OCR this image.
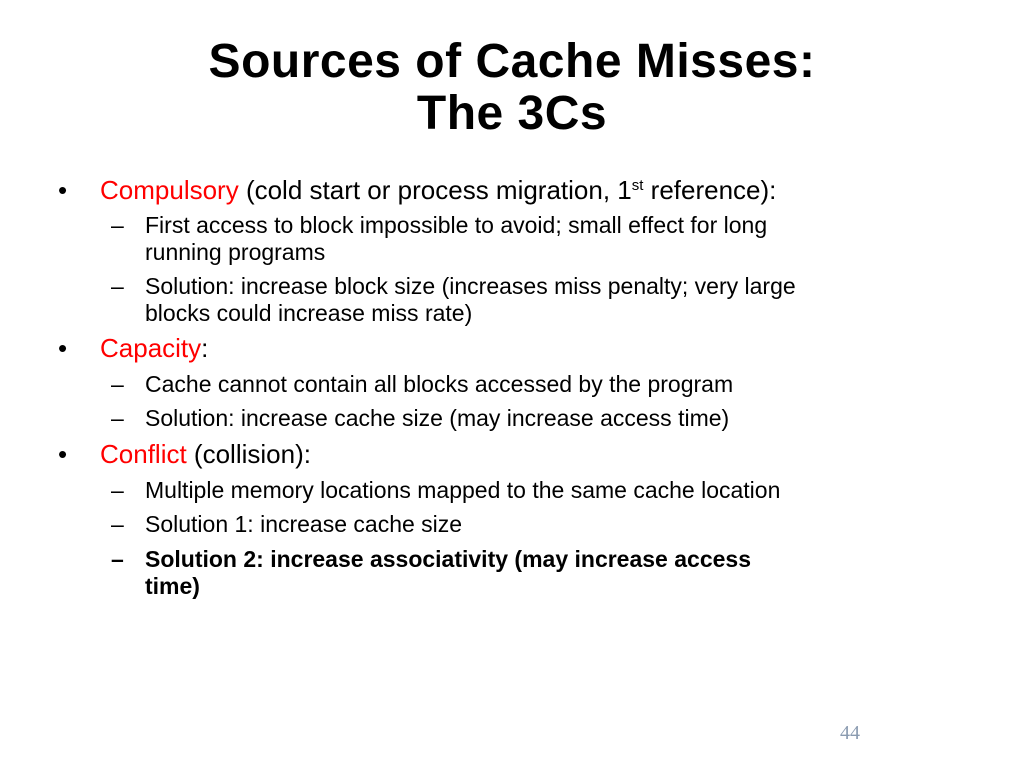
Sources of Cache Misses:
The 3Cs
•	Compulsory (cold start or process migration, 1st reference):
– First access to block impossible to avoid; small effect for long
running programs
– Solution: increase block size (increases miss penalty; very large
blocks could increase miss rate)
•	Capacity:
– Cache cannot contain all blocks accessed by the program
– Solution: increase cache size (may increase access time)
•	Conflict (collision):
– Multiple memory locations mapped to the same cache location
– Solution 1: increase cache size
– Solution 2: increase associativity (may increase access
time)
44
